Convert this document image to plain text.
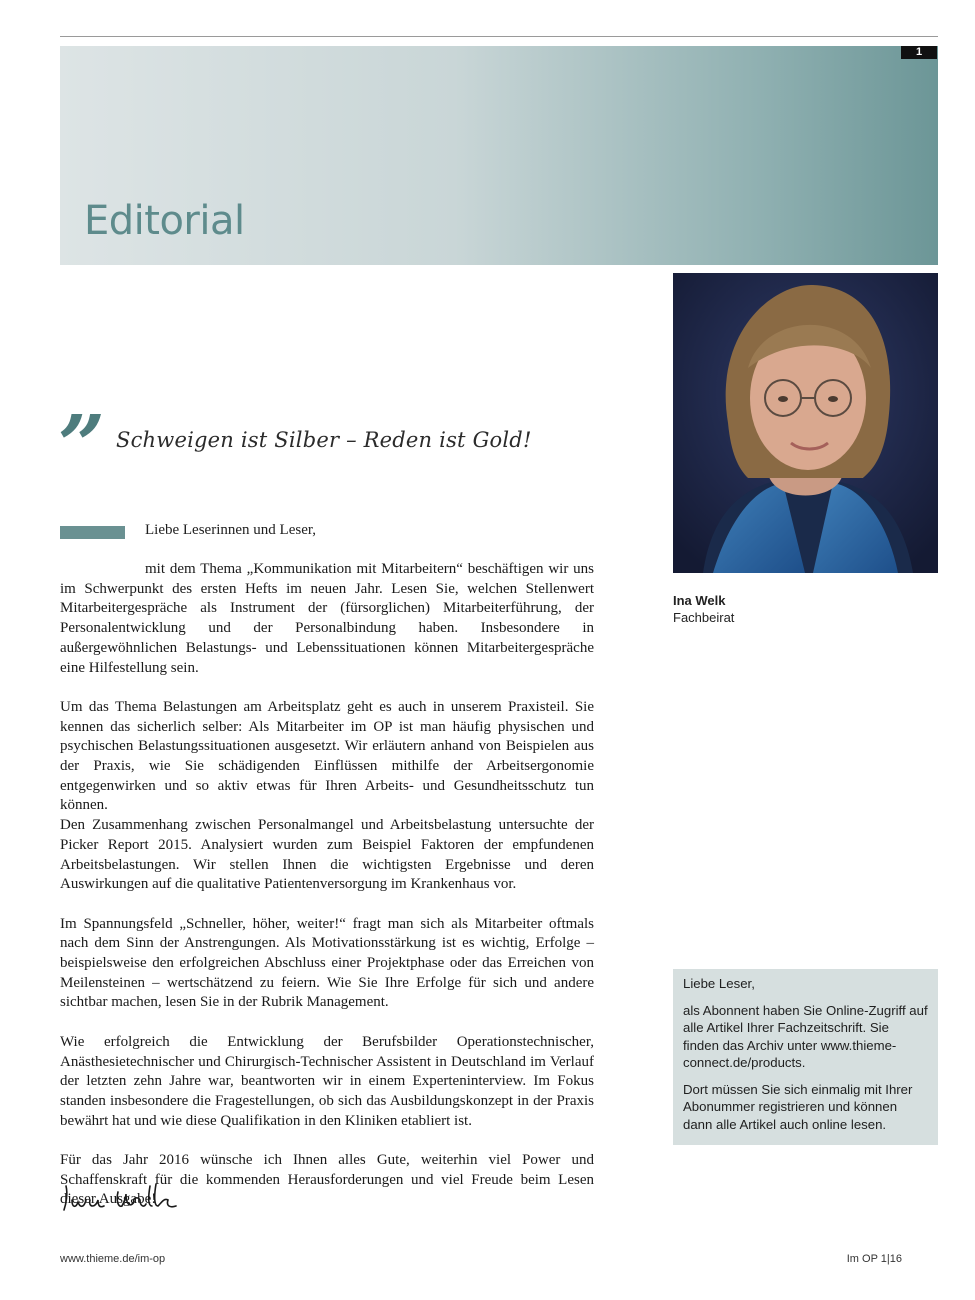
1
Editorial
Ina Welk
Fachbeirat
” Schweigen ist Silber – Reden ist Gold!
Liebe Leserinnen und Leser,

mit dem Thema „Kommunikation mit Mitarbeitern“ beschäftigen wir uns im Schwerpunkt des ersten Hefts im neuen Jahr. Lesen Sie, welchen Stellenwert Mitarbeitergespräche als Instrument der (fürsorglichen) Mitarbeiterführung, der Personalentwicklung und der Personalbindung haben. Insbesondere in außergewöhnlichen Belastungs- und Lebenssituationen können Mitarbeitergespräche eine Hilfestellung sein.

Um das Thema Belastungen am Arbeitsplatz geht es auch in unserem Praxisteil. Sie kennen das sicherlich selber: Als Mitarbeiter im OP ist man häufig physischen und psychischen Belastungssituationen ausgesetzt. Wir erläutern anhand von Beispielen aus der Praxis, wie Sie schädigenden Einflüssen mithilfe der Arbeitsergonomie entgegenwirken und so aktiv etwas für Ihren Arbeits- und Gesundheitsschutz tun können.

Den Zusammenhang zwischen Personalmangel und Arbeitsbelastung untersuchte der Picker Report 2015. Analysiert wurden zum Beispiel Faktoren der empfundenen Arbeitsbelastungen. Wir stellen Ihnen die wichtigsten Ergebnisse und deren Auswirkungen auf die qualitative Patientenversorgung im Krankenhaus vor.

Im Spannungsfeld „Schneller, höher, weiter!“ fragt man sich als Mitarbeiter oftmals nach dem Sinn der Anstrengungen. Als Motivationsstärkung ist es wichtig, Erfolge – beispielsweise den erfolgreichen Abschluss einer Projektphase oder das Erreichen von Meilensteinen – wertschätzend zu feiern. Wie Sie Ihre Erfolge für sich und andere sichtbar machen, lesen Sie in der Rubrik Management.

Wie erfolgreich die Entwicklung der Berufsbilder Operationstechnischer, Anästhesietechnischer und Chirurgisch-Technischer Assistent in Deutschland im Verlauf der letzten zehn Jahre war, beantworten wir in einem Experteninterview. Im Fokus standen insbesondere die Fragestellungen, ob sich das Ausbildungskonzept in der Praxis bewährt hat und wie diese Qualifikation in den Kliniken etabliert ist.

Für das Jahr 2016 wünsche ich Ihnen alles Gute, weiterhin viel Power und Schaffenskraft für die kommenden Herausforderungen und viel Freude beim Lesen dieser Ausgabe!

Liebe Leser,

als Abonnent haben Sie Online-Zugriff auf alle Artikel Ihrer Fachzeitschrift. Sie finden das Archiv unter www.thieme-connect.de/products.

Dort müssen Sie sich einmalig mit Ihrer Abonummer registrieren und können dann alle Artikel auch online lesen.

www.thieme.de/im-op	Im OP 1|16
